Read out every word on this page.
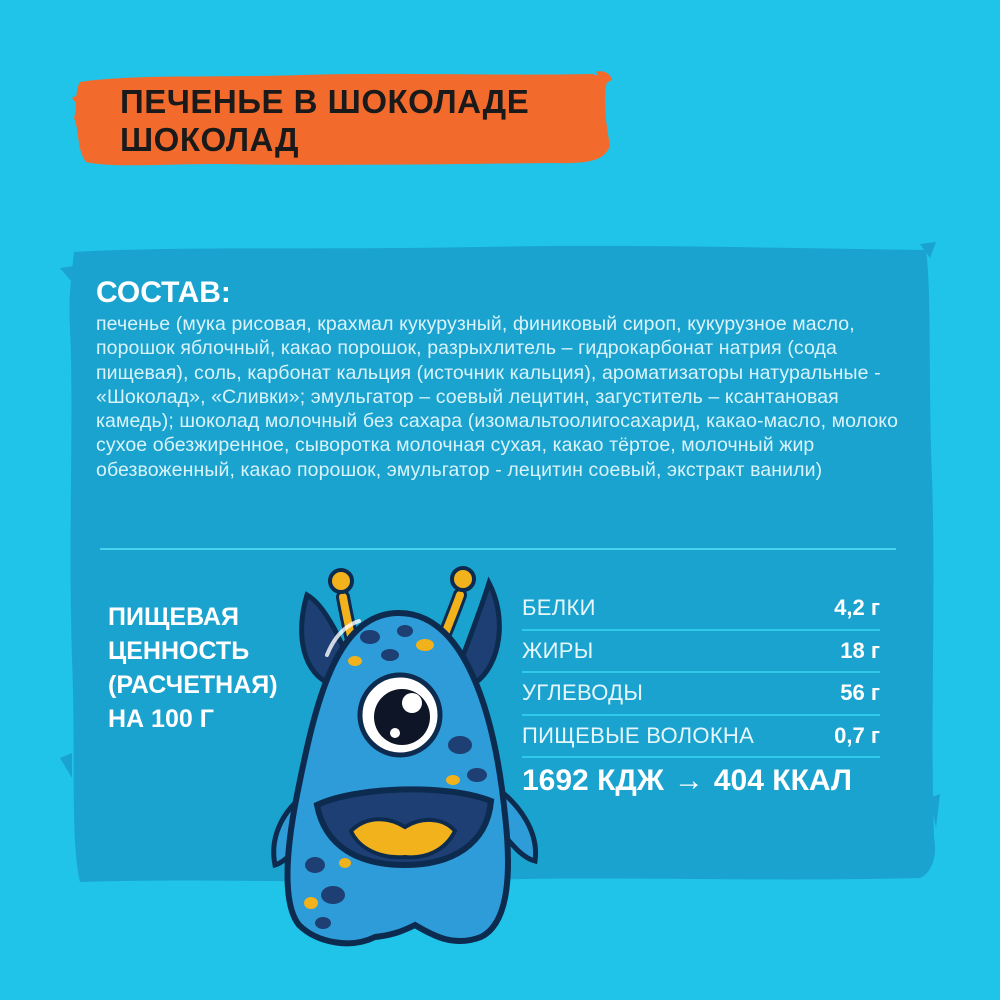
ПЕЧЕНЬЕ В ШОКОЛАДЕ
ШОКОЛАД
СОСТАВ:
печенье (мука рисовая, крахмал кукурузный, финиковый сироп, кукурузное масло, порошок яблочный, какао порошок, разрыхлитель – гидрокарбонат натрия (сода пищевая), соль, карбонат кальция (источник кальция), ароматизаторы натуральные - «Шоколад», «Сливки»; эмульгатор – соевый лецитин, загуститель – ксантановая камедь); шоколад молочный без сахара (изомальтоолигосахарид, какао-масло, молоко сухое обезжиренное, сыворотка молочная сухая, какао тёртое, молочный жир обезвоженный, какао порошок, эмульгатор - лецитин соевый, экстракт ванили)
ПИЩЕВАЯ
ЦЕННОСТЬ
(РАСЧЕТНАЯ)
НА 100 Г
БЕЛКИ	4,2 г
ЖИРЫ	18 г
УГЛЕВОДЫ	56 г
ПИЩЕВЫЕ ВОЛОКНА	0,7 г
1692 КДЖ → 404 ККАЛ
